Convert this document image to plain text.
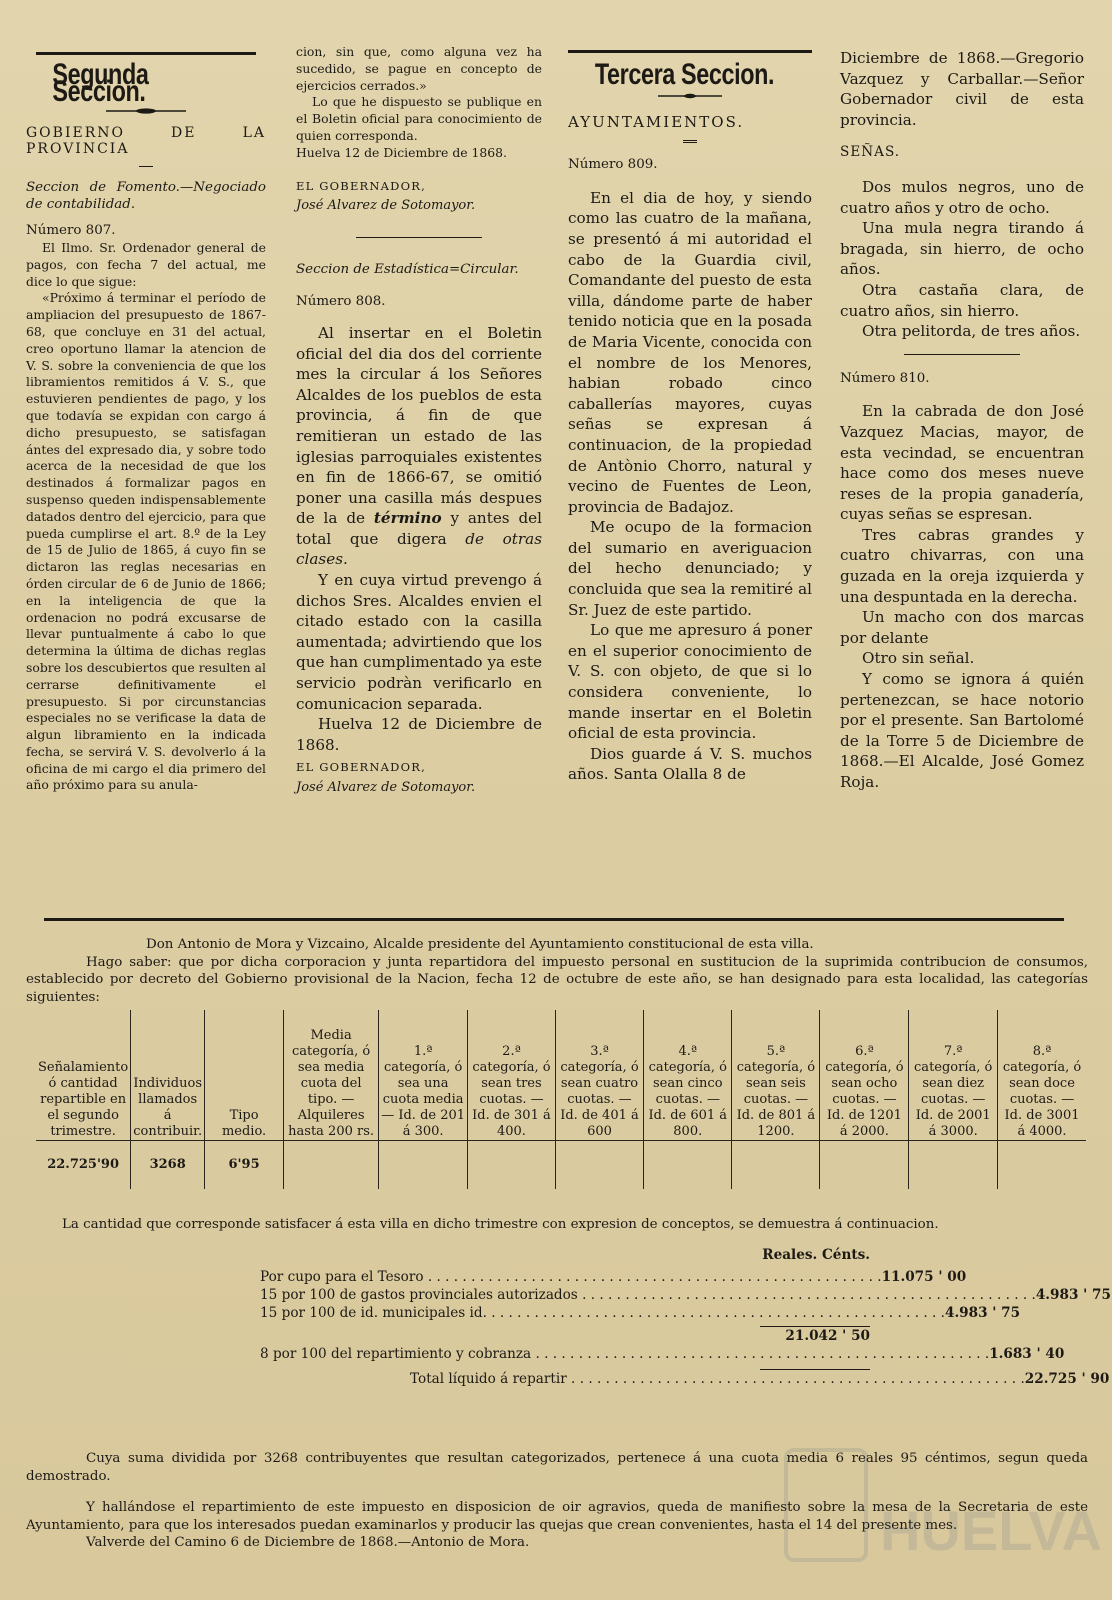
Segunda Seccion.

GOBIERNO DE LA PROVINCIA

Seccion de Fomento.—Negociado de contabilidad.

Número 807.

El Ilmo. Sr. Ordenador general de pagos, con fecha 7 del actual, me dice lo que sigue:

«Próximo á terminar el período de ampliacion del presupuesto de 1867-68, que concluye en 31 del actual, creo oportuno llamar la atencion de V. S. sobre la conveniencia de que los libramientos remitidos á V. S., que estuvieren pendientes de pago, y los que todavía se expidan con cargo á dicho presupuesto, se satisfagan ántes del expresado dia, y sobre todo acerca de la necesidad de que los destinados á formalizar pagos en suspenso queden indispensablemente datados dentro del ejercicio, para que pueda cumplirse el art. 8.º de la Ley de 15 de Julio de 1865, á cuyo fin se dictaron las reglas necesarias en órden circular de 6 de Junio de 1866; en la inteligencia de que la ordenacion no podrá excusarse de llevar puntualmente á cabo lo que determina la última de dichas reglas sobre los descubiertos que resulten al cerrarse definitivamente el presupuesto. Si por circunstancias especiales no se verificase la data de algun libramiento en la indicada fecha, se servirá V. S. devolverlo á la oficina de mi cargo el dia primero del año próximo para su anula-

cion, sin que, como alguna vez ha sucedido, se pague en concepto de ejercicios cerrados.»

Lo que he dispuesto se publique en el Boletin oficial para conocimiento de quien corresponda.

Huelva 12 de Diciembre de 1868.

EL GOBERNADOR,

José Alvarez de Sotomayor.

Seccion de Estadística=Circular.

Número 808.

Al insertar en el Boletin oficial del dia dos del corriente mes la circular á los Señores Alcaldes de los pueblos de esta provincia, á fin de que remitieran un estado de las iglesias parroquiales existentes en fin de 1866-67, se omitió poner una casilla más despues de la de término y antes del total que digera de otras clases.

Y en cuya virtud prevengo á dichos Sres. Alcaldes envien el citado estado con la casilla aumentada; advirtiendo que los que han cumplimentado ya este servicio podràn verificarlo en comunicacion separada.

Huelva 12 de Diciembre de 1868.

EL GOBERNADOR,

José Alvarez de Sotomayor.

Tercera Seccion.

AYUNTAMIENTOS.

Número 809.

En el dia de hoy, y siendo como las cuatro de la mañana, se presentó á mi autoridad el cabo de la Guardia civil, Comandante del puesto de esta villa, dándome parte de haber tenido noticia que en la posada de Maria Vicente, conocida con el nombre de los Menores, habian robado cinco caballerías mayores, cuyas señas se expresan á continuacion, de la propiedad de Antònio Chorro, natural y vecino de Fuentes de Leon, provincia de Badajoz.

Me ocupo de la formacion del sumario en averiguacion del hecho denunciado; y concluida que sea la remitiré al Sr. Juez de este partido.

Lo que me apresuro á poner en el superior conocimiento de V. S. con objeto, de que si lo considera conveniente, lo mande insertar en el Boletin oficial de esta provincia.

Dios guarde á V. S. muchos años. Santa Olalla 8 de

Diciembre de 1868.—Gregorio Vazquez y Carballar.—Señor Gobernador civil de esta provincia.

SEÑAS.

Dos mulos negros, uno de cuatro años y otro de ocho.

Una mula negra tirando á bragada, sin hierro, de ocho años.

Otra castaña clara, de cuatro años, sin hierro.

Otra pelitorda, de tres años.

Número 810.

En la cabrada de don José Vazquez Macias, mayor, de esta vecindad, se encuentran hace como dos meses nueve reses de la propia ganadería, cuyas señas se espresan.

Tres cabras grandes y cuatro chivarras, con una guzada en la oreja izquierda y una despuntada en la derecha.

Un macho con dos marcas por delante

Otro sin señal.

Y como se ignora á quién pertenezcan, se hace notorio por el presente. San Bartolomé de la Torre 5 de Diciembre de 1868.—El Alcalde, José Gomez Roja.

Don Antonio de Mora y Vizcaino, Alcalde presidente del Ayuntamiento constitucional de esta villa.

Hago saber: que por dicha corporacion y junta repartidora del impuesto personal en sustitucion de la suprimida contribucion de consumos, establecido por decreto del Gobierno provisional de la Nacion, fecha 12 de octubre de este año, se han designado para esta localidad, las categorías siguientes:

Señalamiento ó cantidad repartible en el segundo trimestre.	Individuos llamados á contribuir.	Tipo medio.	Media categoría, ó sea media cuota del tipo. — Alquileres hasta 200 rs.	1.ª categoría, ó sea una cuota media — Id. de 201 á 300.	2.ª categoría, ó sean tres cuotas. — Id. de 301 á 400.	3.ª categoría, ó sean cuatro cuotas. — Id. de 401 á 600	4.ª categoría, ó sean cinco cuotas. — Id. de 601 á 800.	5.ª categoría, ó sean seis cuotas. — Id. de 801 á 1200.	6.ª categoría, ó sean ocho cuotas. — Id. de 1201 á 2000.	7.ª categoría, ó sean diez cuotas. — Id. de 2001 á 3000.	8.ª categoría, ó sean doce cuotas. — Id. de 3001 á 4000.
22.725'90	3268	6'95									

La cantidad que corresponde satisfacer á esta villa en dicho trimestre con expresion de conceptos, se demuestra á continuacion.

Reales. Cénts.
Por cupo para el Tesoro . . .	11.075 ' 00
15 por 100 de gastos provinciales autorizados . . .	4.983 ' 75
15 por 100 de id. municipales id. . . .	4.983 ' 75
21.042 ' 50
8 por 100 del repartimiento y cobranza . . .	1.683 ' 40
Total líquido á repartir . . .	22.725 ' 90

Cuya suma dividida por 3268 contribuyentes que resultan categorizados, pertenece á una cuota media 6 reales 95 céntimos, segun queda demostrado.

Y hallándose el repartimiento de este impuesto en disposicion de oir agravios, queda de manifiesto sobre la mesa de la Secretaria de este Ayuntamiento, para que los interesados puedan examinarlos y producir las quejas que crean convenientes, hasta el 14 del presente mes.

Valverde del Camino 6 de Diciembre de 1868.—Antonio de Mora.	HUELVA
